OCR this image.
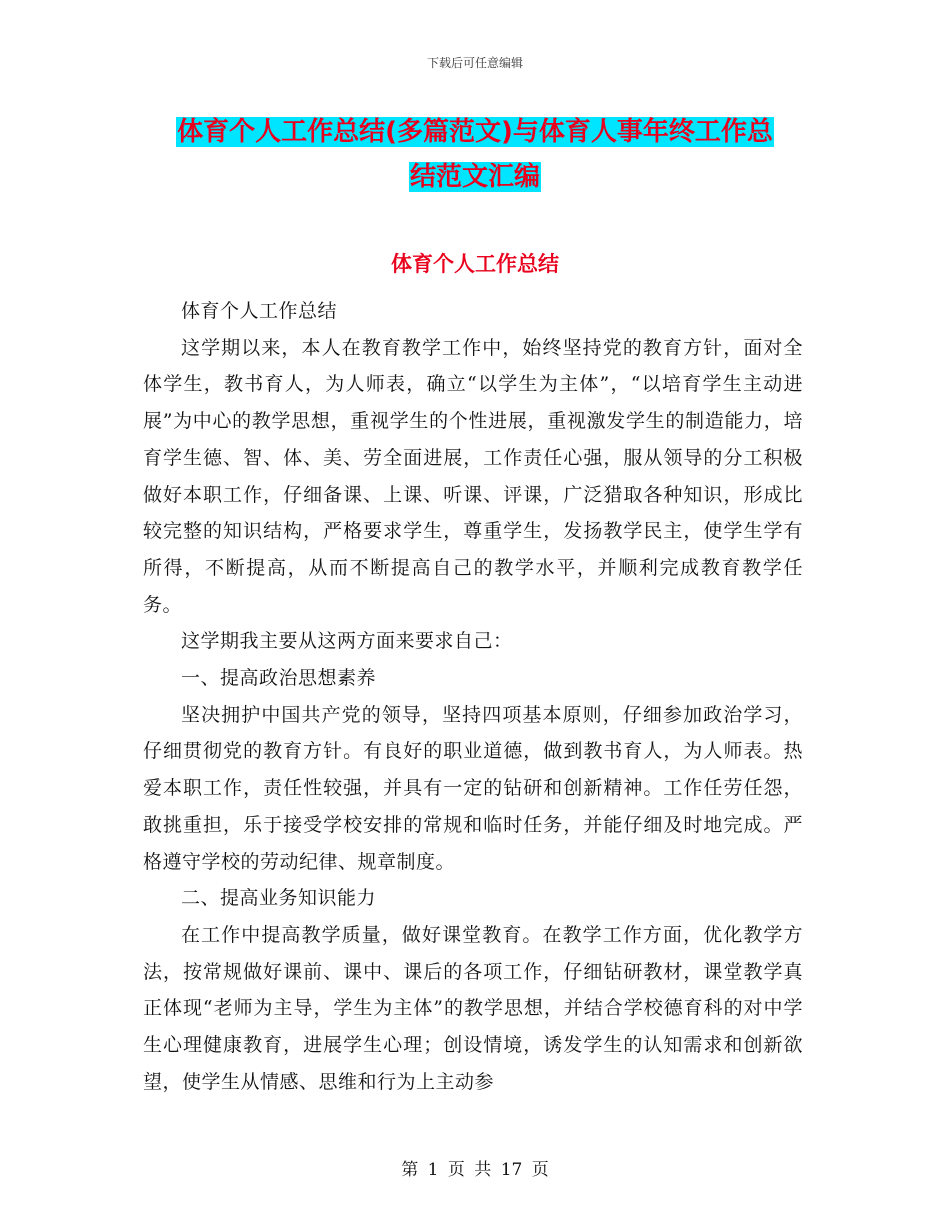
下载后可任意编辑
体育个人工作总结(多篇范文)与体育人事年终工作总
结范文汇编
体育个人工作总结

体育个人工作总结

这学期以来，本人在教育教学工作中，始终坚持党的教育方针，面对全体学生，教书育人，为人师表，确立“以学生为主体”，“以培育学生主动进展”为中心的教学思想，重视学生的个性进展，重视激发学生的制造能力，培育学生德、智、体、美、劳全面进展，工作责任心强，服从领导的分工积极做好本职工作，仔细备课、上课、听课、评课，广泛猎取各种知识，形成比较完整的知识结构，严格要求学生，尊重学生，发扬教学民主，使学生学有所得，不断提高，从而不断提高自己的教学水平，并顺利完成教育教学任务。

这学期我主要从这两方面来要求自己：

一、提高政治思想素养

坚决拥护中国共产党的领导，坚持四项基本原则，仔细参加政治学习，仔细贯彻党的教育方针。有良好的职业道德，做到教书育人，为人师表。热爱本职工作，责任性较强，并具有一定的钻研和创新精神。工作任劳任怨，敢挑重担，乐于接受学校安排的常规和临时任务，并能仔细及时地完成。严格遵守学校的劳动纪律、规章制度。

二、提高业务知识能力

在工作中提高教学质量，做好课堂教育。在教学工作方面，优化教学方法，按常规做好课前、课中、课后的各项工作，仔细钻研教材，课堂教学真正体现“老师为主导，学生为主体”的教学思想，并结合学校德育科的对中学生心理健康教育，进展学生心理；创设情境，诱发学生的认知需求和创新欲望，使学生从情感、思维和行为上主动参

第 1 页 共 17 页
